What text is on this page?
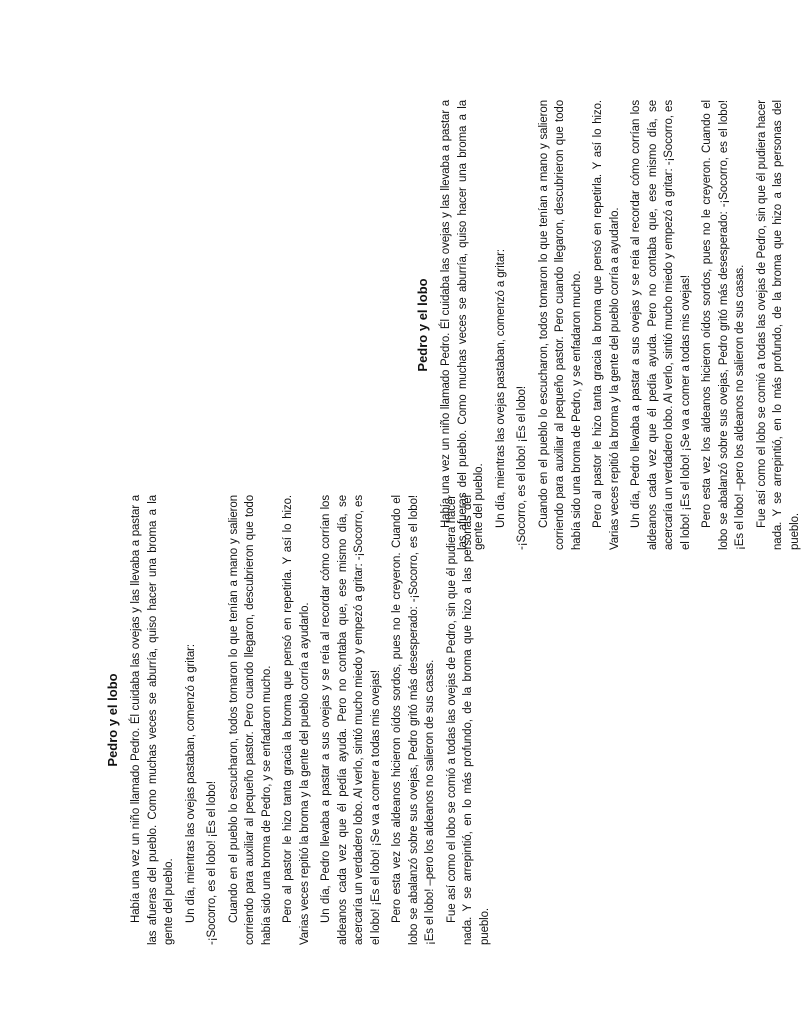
Pedro y el lobo Había una vez un niño llamado Pedro. Él cuidaba las ovejas y las llevaba a pastar a las afueras del pueblo. Como muchas veces se aburría, quiso hacer una broma a la gente del pueblo. Un día, mientras las ovejas pastaban, comenzó a gritar: -¡Socorro, es el lobo! ¡Es el lobo! Cuando en el pueblo lo escucharon, todos tomaron lo que tenían a mano y salieron corriendo para auxiliar al pequeño pastor. Pero cuando llegaron, descubrieron que todo había sido una broma de Pedro, y se enfadaron mucho. Pero al pastor le hizo tanta gracia la broma que pensó en repetirla. Y así lo hizo. Varias veces repitió la broma y la gente del pueblo corría a ayudarlo. Un día, Pedro llevaba a pastar a sus ovejas y se reía al recordar cómo corrían los aldeanos cada vez que él pedía ayuda. Pero no contaba que, ese mismo día, se acercaría un verdadero lobo. Al verlo, sintió mucho miedo y empezó a gritar: -¡Socorro, es el lobo! ¡Es el lobo! ¡Se va a comer a todas mis ovejas! Pero esta vez los aldeanos hicieron oídos sordos, pues no le creyeron. Cuando el lobo se abalanzó sobre sus ovejas, Pedro gritó más desesperado: -¡Socorro, es el lobo! ¡Es el lobo! –pero los aldeanos no salieron de sus casas. Fue así como el lobo se comió a todas las ovejas de Pedro, sin que él pudiera hacer nada. Y se arrepintió, en lo más profundo, de la broma que hizo a las personas del pueblo.

Pedro y el lobo Había una vez un niño llamado Pedro. Él cuidaba las ovejas y las llevaba a pastar a las afueras del pueblo. Como muchas veces se aburría, quiso hacer una broma a la gente del pueblo. Un día, mientras las ovejas pastaban, comenzó a gritar: -¡Socorro, es el lobo! ¡Es el lobo! Cuando en el pueblo lo escucharon, todos tomaron lo que tenían a mano y salieron corriendo para auxiliar al pequeño pastor. Pero cuando llegaron, descubrieron que todo había sido una broma de Pedro, y se enfadaron mucho. Pero al pastor le hizo tanta gracia la broma que pensó en repetirla. Y así lo hizo. Varias veces repitió la broma y la gente del pueblo corría a ayudarlo. Un día, Pedro llevaba a pastar a sus ovejas y se reía al recordar cómo corrían los aldeanos cada vez que él pedía ayuda. Pero no contaba que, ese mismo día, se acercaría un verdadero lobo. Al verlo, sintió mucho miedo y empezó a gritar: -¡Socorro, es el lobo! ¡Es el lobo! ¡Se va a comer a todas mis ovejas! Pero esta vez los aldeanos hicieron oídos sordos, pues no le creyeron. Cuando el lobo se abalanzó sobre sus ovejas, Pedro gritó más desesperado: -¡Socorro, es el lobo! ¡Es el lobo! –pero los aldeanos no salieron de sus casas. Fue así como el lobo se comió a todas las ovejas de Pedro, sin que él pudiera hacer nada. Y se arrepintió, en lo más profundo, de la broma que hizo a las personas del pueblo.
